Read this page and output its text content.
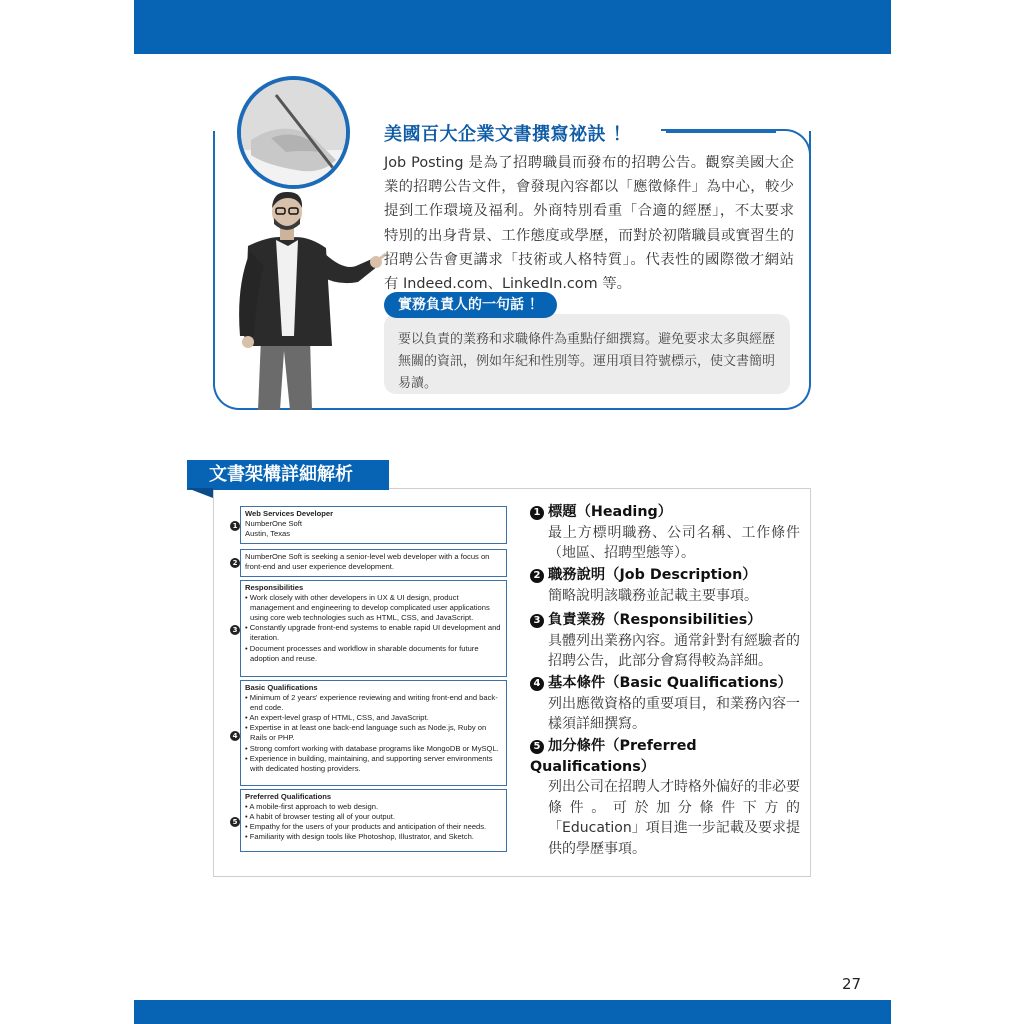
美國百大企業文書撰寫祕訣 ！

Job Posting 是為了招聘職員而發布的招聘公告。觀察美國大企業的招聘公告文件，會發現內容都以「應徵條件」為中心，較少提到工作環境及福利。外商特別看重「合適的經歷」，不太要求特別的出身背景、工作態度或學歷，而對於初階職員或實習生的招聘公告會更講求「技術或人格特質」。代表性的國際徵才網站有 Indeed.com、LinkedIn.com 等。

要以負責的業務和求職條件為重點仔細撰寫。避免要求太多與經歷無關的資訊，例如年紀和性別等。運用項目符號標示，使文書簡明易讀。
實務負責人的一句話 ！
文書架構詳細解析
Web Services Developer
NumberOne Soft
Austin, Texas
1
NumberOne Soft is seeking a senior-level web developer with a focus on front-end and user experience development.
2
Responsibilities
• Work closely with other developers in UX & UI design, product management and engineering to develop complicated user applications using core web technologies such as HTML, CSS, and JavaScript.
• Constantly upgrade front-end systems to enable rapid UI development and iteration.
• Document processes and workflow in sharable documents for future adoption and reuse.
3
Basic Qualifications
• Minimum of 2 years' experience reviewing and writing front-end and back-end code.
• An expert-level grasp of HTML, CSS, and JavaScript.
• Expertise in at least one back-end language such as Node.js, Ruby on Rails or PHP.
• Strong comfort working with database programs like MongoDB or MySQL.
• Experience in building, maintaining, and supporting server environments with dedicated hosting providers.
4
Preferred Qualifications
• A mobile-first approach to web design.
• A habit of browser testing all of your output.
• Empathy for the users of your products and anticipation of their needs.
• Familiarity with design tools like Photoshop, Illustrator, and Sketch.
5
1 標題（Heading）
最上方標明職務、公司名稱、工作條件（地區、招聘型態等）。
2 職務說明（Job Description）
簡略說明該職務並記載主要事項。
3 負責業務（Responsibilities）
具體列出業務內容。通常針對有經驗者的招聘公告，此部分會寫得較為詳細。
4 基本條件（Basic Qualifications）
列出應徵資格的重要項目，和業務內容一樣須詳細撰寫。
5 加分條件（Preferred Qualifications）
列出公司在招聘人才時格外偏好的非必要條件。可於加分條件下方的「Education」項目進一步記載及要求提供的學歷事項。
27
